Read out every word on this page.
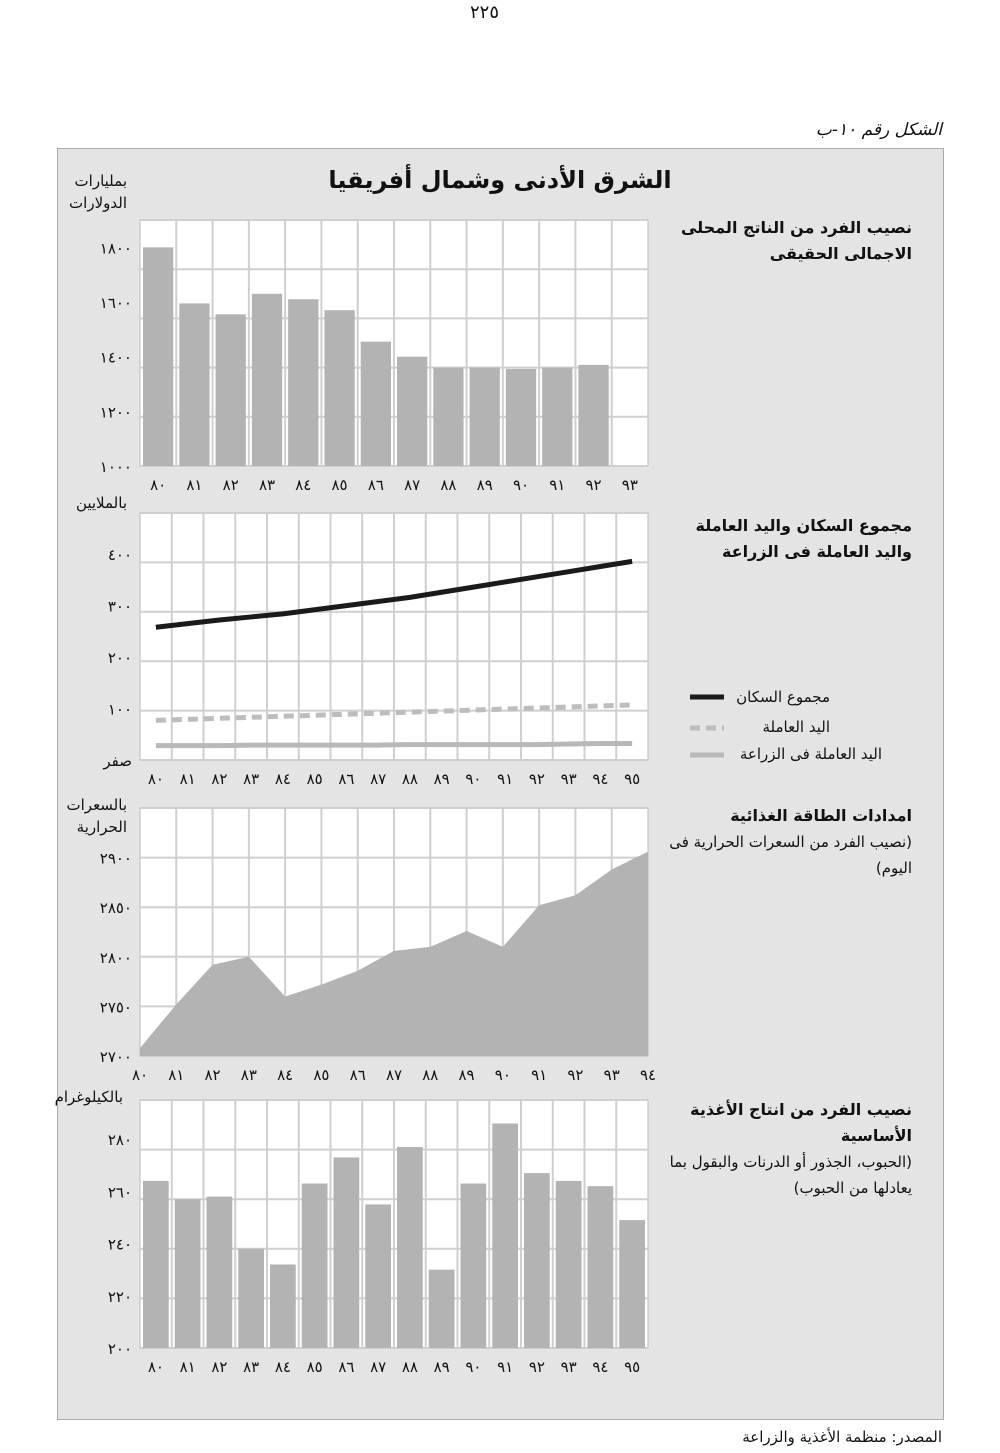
٢٢٥
الشكل رقم ١٠-ب
الشرق الأدنى وشمال أفريقيا
١٠٠٠
١٢٠٠
١٤٠٠
١٦٠٠
١٨٠٠
٨٠ ٨١ ٨٢ ٨٣ ٨٤ ٨٥ ٨٦ ٨٧ ٨٨ ٨٩ ٩٠ ٩١ ٩٢ ٩٣
صفر
١٠٠
٢٠٠
٣٠٠
٤٠٠
٨٠ ٨١ ٨٢ ٨٣ ٨٤ ٨٥ ٨٦ ٨٧ ٨٨ ٨٩ ٩٠ ٩١ ٩٢ ٩٣ ٩٤ ٩٥
٢٧٠٠
٢٧٥٠
٢٨٠٠
٢٨٥٠
٢٩٠٠
٨٠ ٨١ ٨٢ ٨٣ ٨٤ ٨٥ ٨٦ ٨٧ ٨٨ ٨٩ ٩٠ ٩١ ٩٢ ٩٣ ٩٤
٢٠٠
٢٢٠
٢٤٠
٢٦٠
٢٨٠
٨٠ ٨١ ٨٢ ٨٣ ٨٤ ٨٥ ٨٦ ٨٧ ٨٨ ٨٩ ٩٠ ٩١ ٩٢ ٩٣ ٩٤ ٩٥
بمليارات الدولارات
بالملايين
بالسعرات الحرارية
بالكيلوغرام
نصيب الفرد من الناتج المحلى الاجمالى الحقيقى
مجموع السكان واليد العاملة واليد العاملة فى الزراعة
امدادات الطاقة الغذائية
(نصيب الفرد من السعرات الحرارية فى اليوم)
نصيب الفرد من انتاج الأغذية الأساسية
(الحبوب، الجذور أو الدرنات والبقول بما يعادلها من الحبوب)
مجموع السكان
اليد العاملة
اليد العاملة فى الزراعة
المصدر: منظمة الأغذية والزراعة
